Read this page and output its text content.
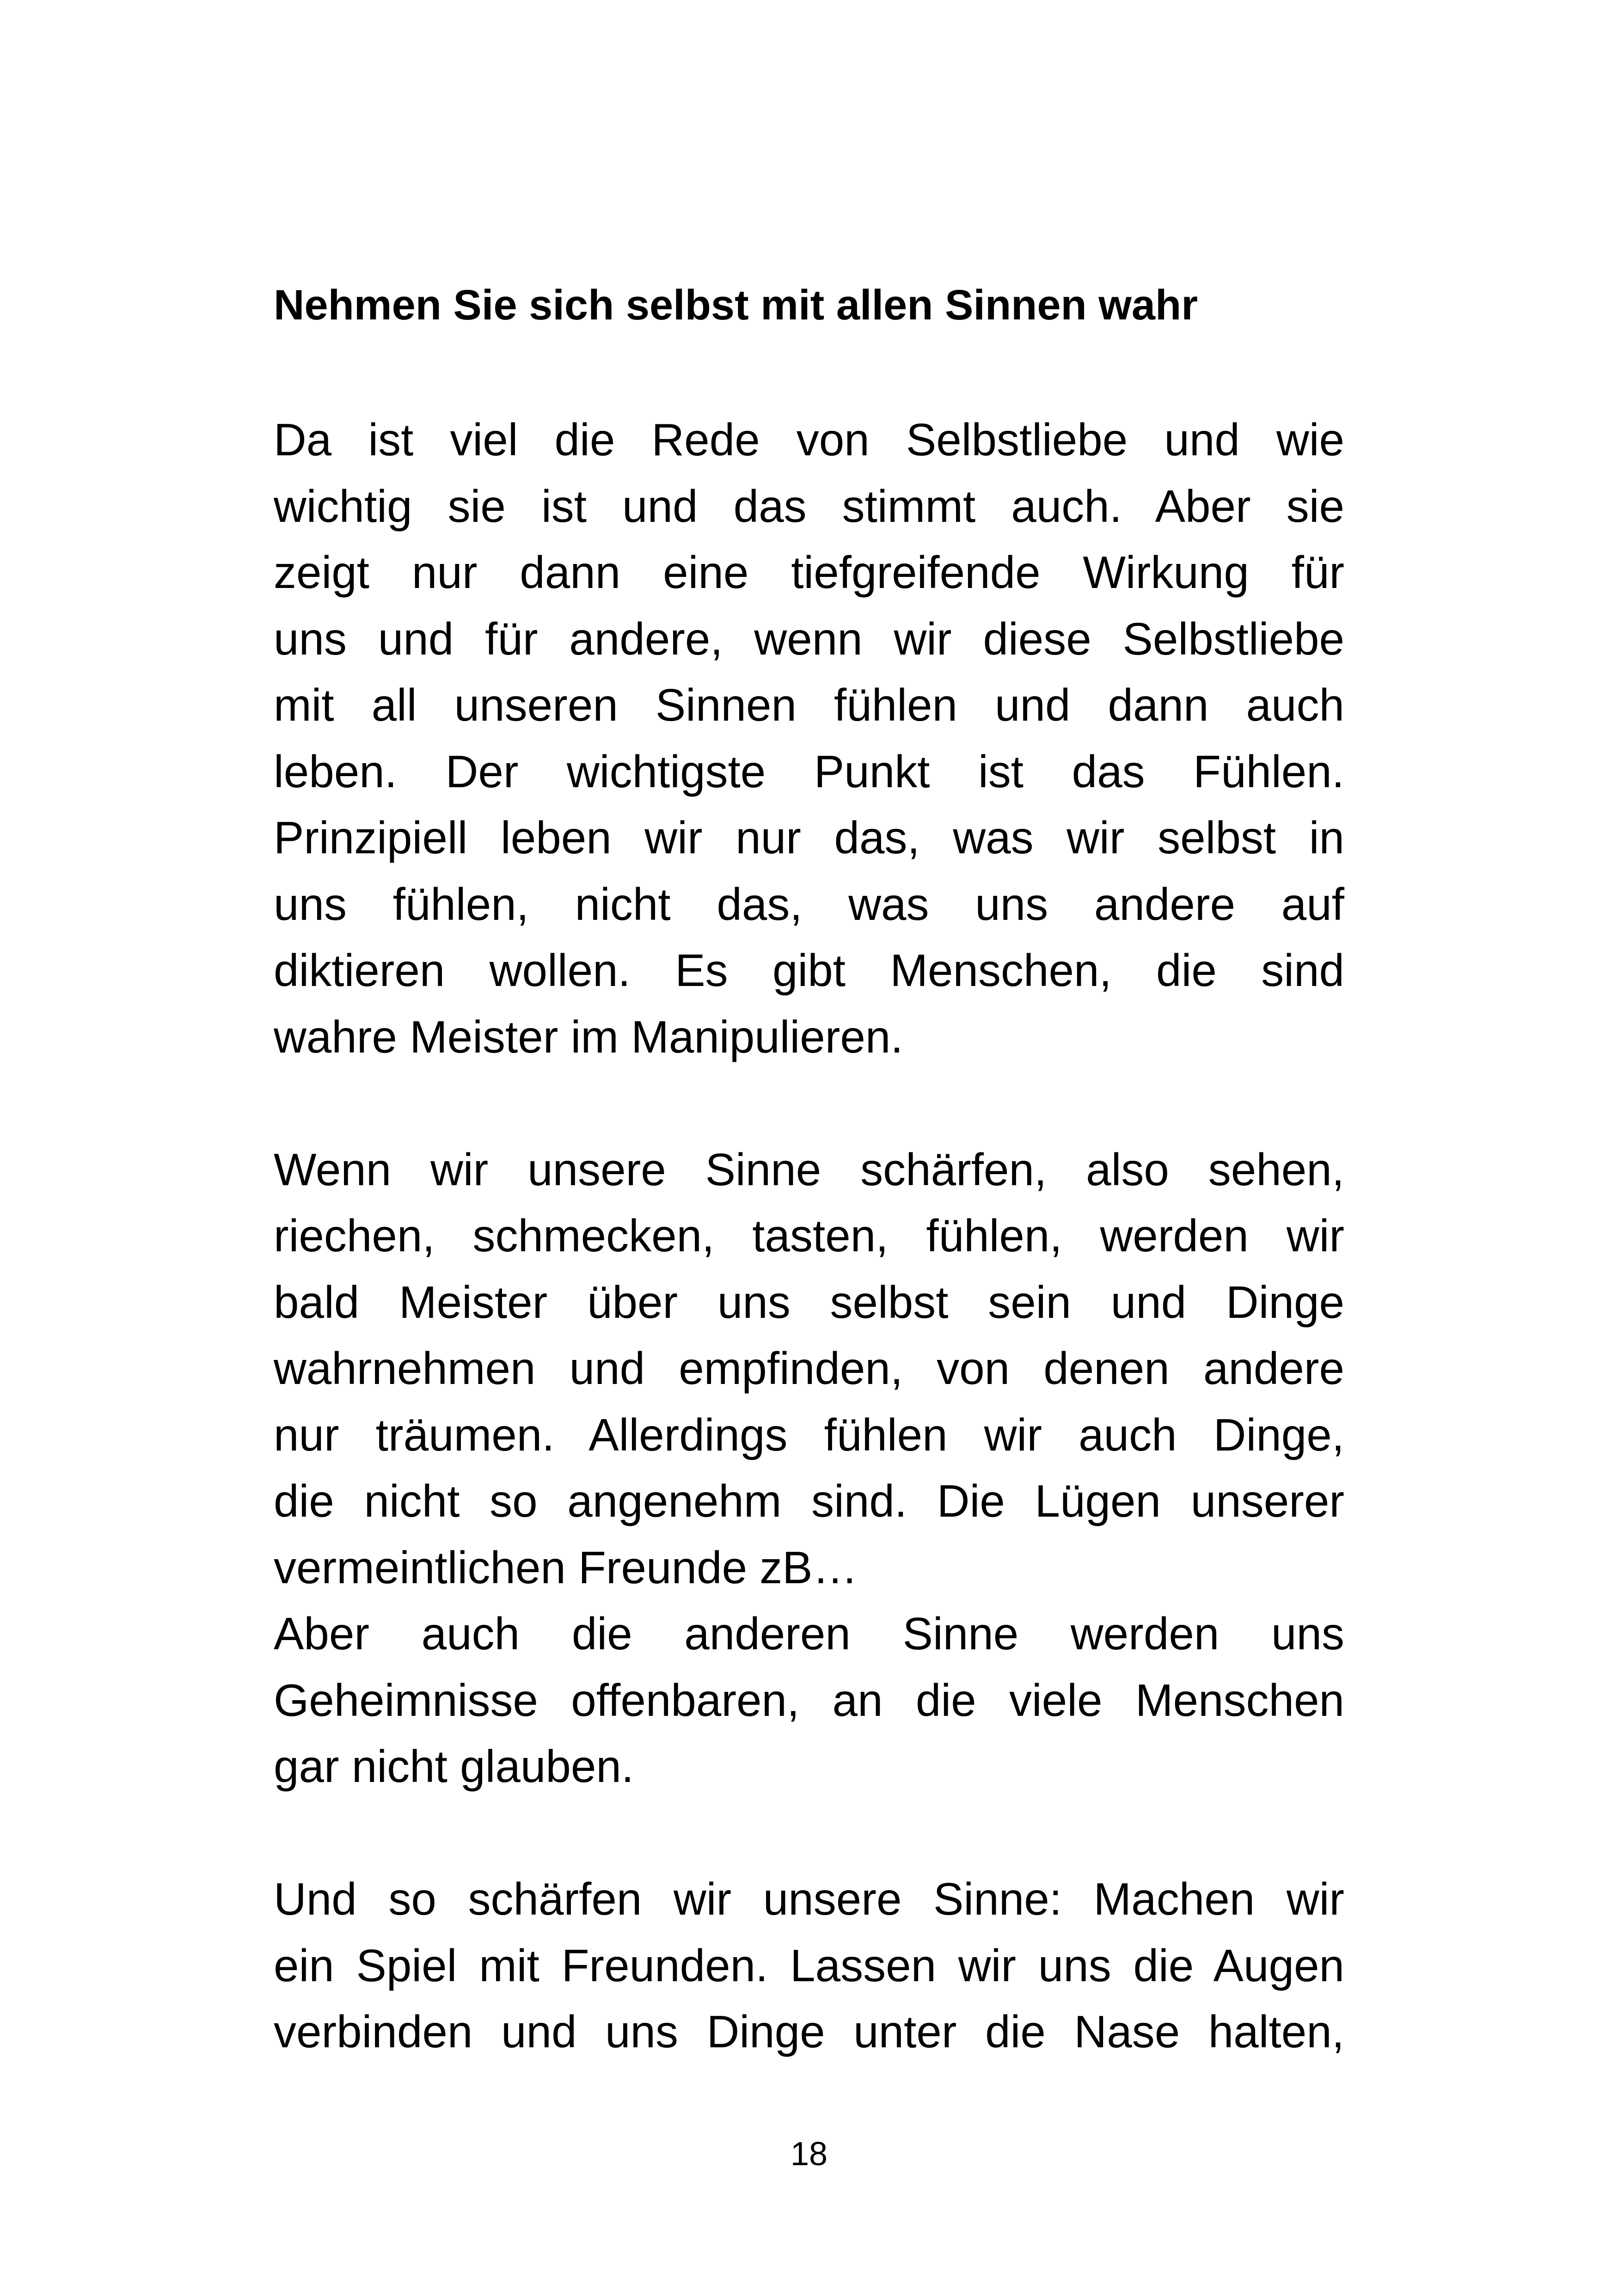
Nehmen Sie sich selbst mit allen Sinnen wahr

Da ist viel die Rede von Selbstliebe und wie
wichtig sie ist und das stimmt auch. Aber sie
zeigt nur dann eine tiefgreifende Wirkung für
uns und für andere, wenn wir diese Selbstliebe
mit all unseren Sinnen fühlen und dann auch
leben. Der wichtigste Punkt ist das Fühlen.
Prinzipiell leben wir nur das, was wir selbst in
uns fühlen, nicht das, was uns andere auf
diktieren wollen. Es gibt Menschen, die sind
wahre Meister im Manipulieren.

Wenn wir unsere Sinne schärfen, also sehen,
riechen, schmecken, tasten, fühlen, werden wir
bald Meister über uns selbst sein und Dinge
wahrnehmen und empfinden, von denen andere
nur träumen. Allerdings fühlen wir auch Dinge,
die nicht so angenehm sind. Die Lügen unserer
vermeintlichen Freunde zB…

Aber auch die anderen Sinne werden uns
Geheimnisse offenbaren, an die viele Menschen
gar nicht glauben.

Und so schärfen wir unsere Sinne: Machen wir
ein Spiel mit Freunden. Lassen wir uns die Augen
verbinden und uns Dinge unter die Nase halten,

18
